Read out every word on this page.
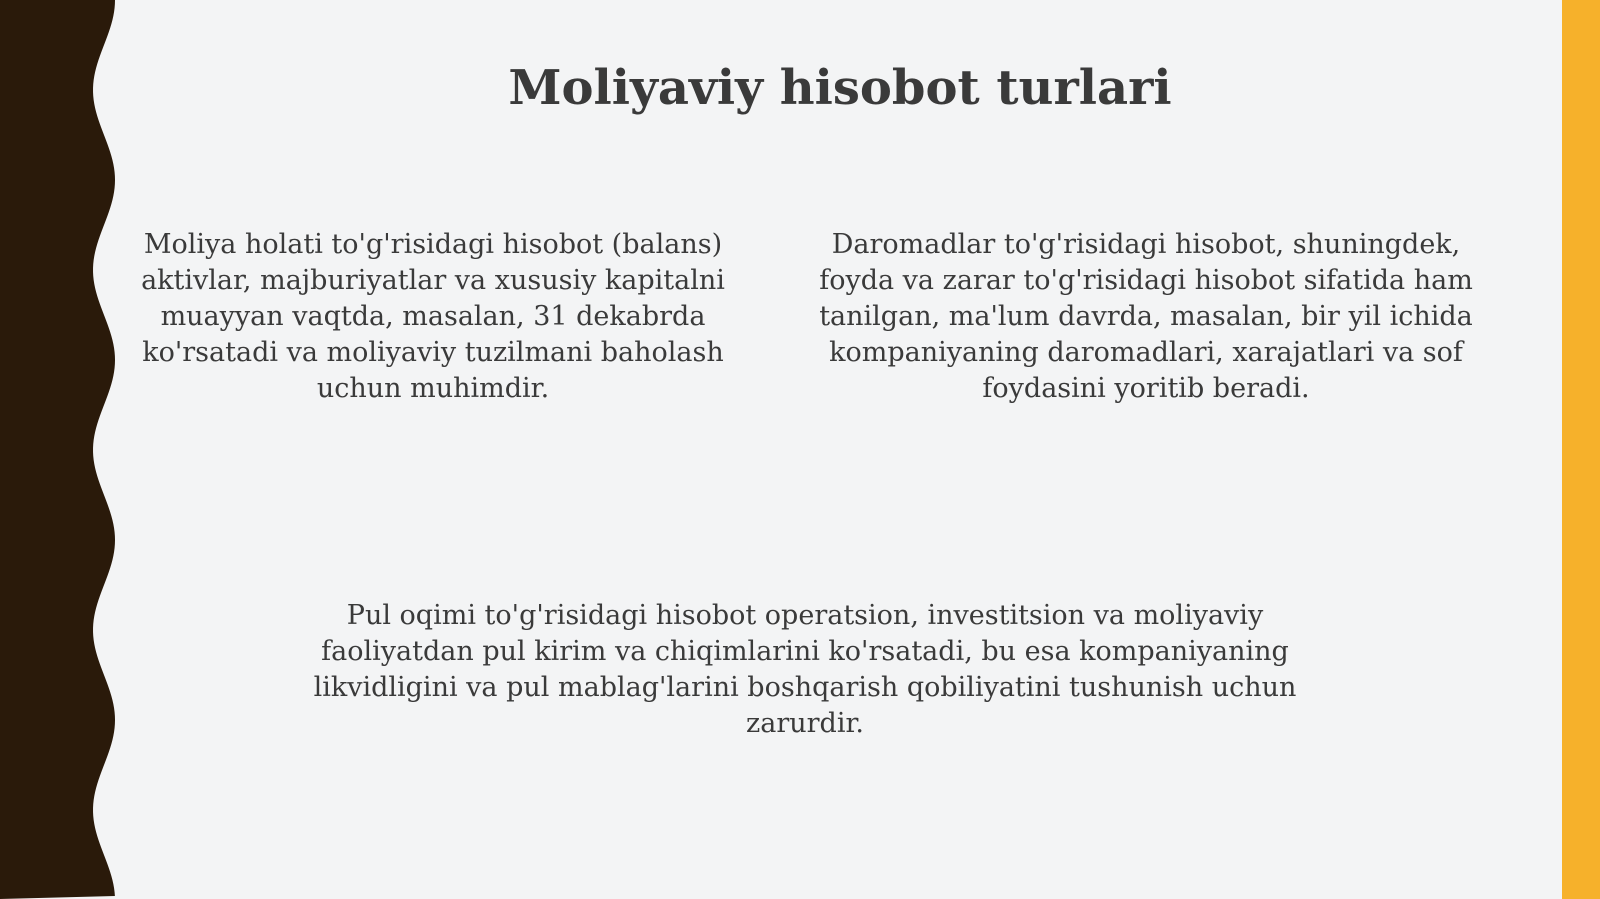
Moliyaviy hisobot turlari

Moliya holati to'g'risidagi hisobot (balans) aktivlar, majburiyatlar va xususiy kapitalni muayyan vaqtda, masalan, 31 dekabrda ko'rsatadi va moliyaviy tuzilmani baholash uchun muhimdir.

Daromadlar to'g'risidagi hisobot, shuningdek, foyda va zarar to'g'risidagi hisobot sifatida ham tanilgan, ma'lum davrda, masalan, bir yil ichida kompaniyaning daromadlari, xarajatlari va sof foydasini yoritib beradi.

Pul oqimi to'g'risidagi hisobot operatsion, investitsion va moliyaviy faoliyatdan pul kirim va chiqimlarini ko'rsatadi, bu esa kompaniyaning likvidligini va pul mablag'larini boshqarish qobiliyatini tushunish uchun zarurdir.
